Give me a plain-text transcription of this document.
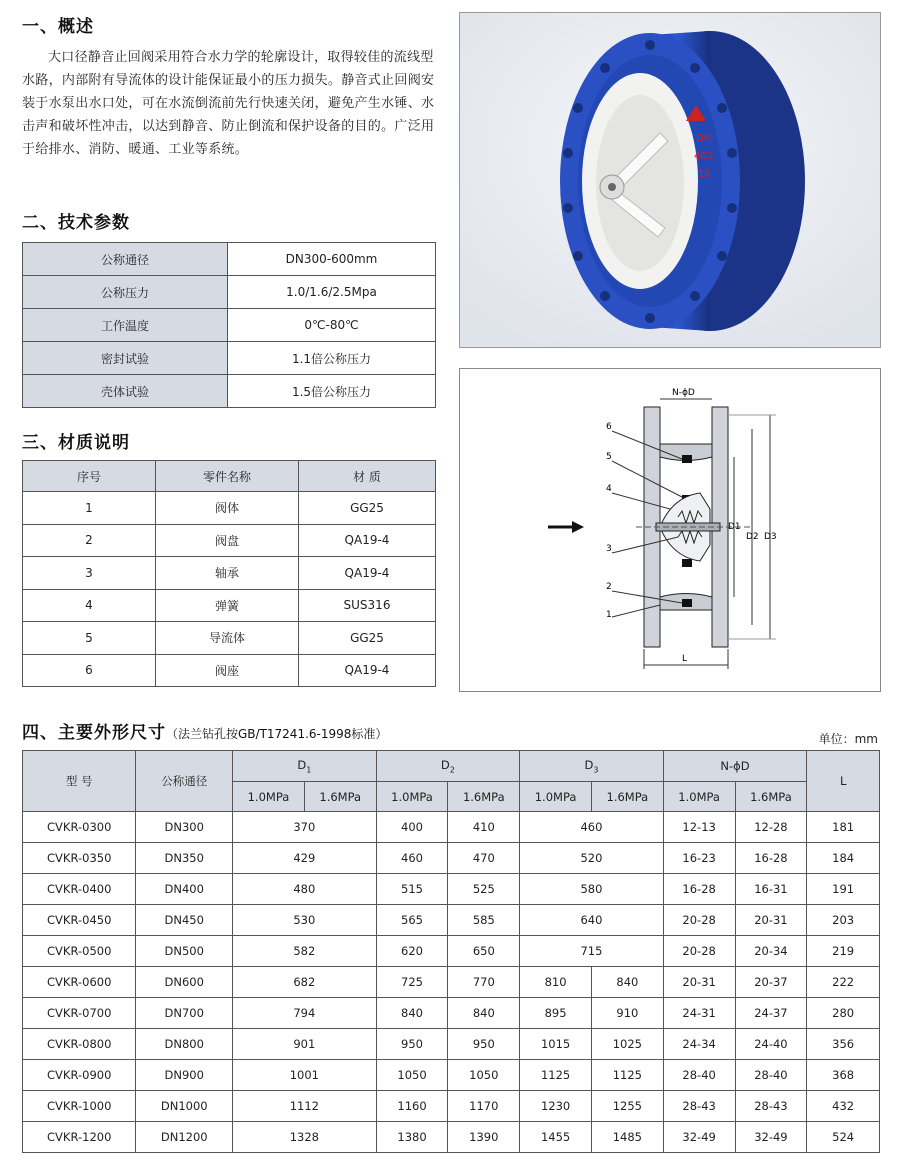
一、概述
大口径静音止回阀采用符合水力学的轮廓设计，取得较佳的流线型水路，内部附有导流体的设计能保证最小的压力损失。静音式止回阀安装于水泵出水口处，可在水流倒流前先行快速关闭，避免产生水锤、水击声和破坏性冲击，以达到静音、防止倒流和保护设备的目的。广泛用于给排水、消防、暖通、工业等系统。
二、技术参数
公称通径	DN300-600mm
公称压力	1.0/1.6/2.5Mpa
工作温度	0℃-80℃
密封试验	1.1倍公称压力
壳体试验	1.5倍公称压力
三、材质说明
序号	零件名称	材 质
1	阀体	GG25
2	阀盘	QA19-4
3	轴承	QA19-4
4	弹簧	SUS316
5	导流体	GG25
6	阀座	QA19-4
DN
400
16
D1
D2 D3
L
N-ϕD
6
5
4
3
2
1
四、主要外形尺寸（法兰钻孔按GB/T17241.6-1998标准）	单位：mm
型 号	公称通径	$D_1$		$D_2$		$D_3$		N-ϕD		L
		1.0MPa	1.6MPa	1.0MPa	1.6MPa	1.0MPa	1.6MPa	1.0MPa	1.6MPa	
CVKR-0300	DN300	370		400	410	460		12-13	12-28	181
CVKR-0350	DN350	429		460	470	520		16-23	16-28	184
CVKR-0400	DN400	480		515	525	580		16-28	16-31	191
CVKR-0450	DN450	530		565	585	640		20-28	20-31	203
CVKR-0500	DN500	582		620	650	715		20-28	20-34	219
CVKR-0600	DN600	682		725	770	810	840	20-31	20-37	222
CVKR-0700	DN700	794		840	840	895	910	24-31	24-37	280
CVKR-0800	DN800	901		950	950	1015	1025	24-34	24-40	356
CVKR-0900	DN900	1001		1050	1050	1125	1125	28-40	28-40	368
CVKR-1000	DN1000	1112		1160	1170	1230	1255	28-43	28-43	432
CVKR-1200	DN1200	1328		1380	1390	1455	1485	32-49	32-49	524
